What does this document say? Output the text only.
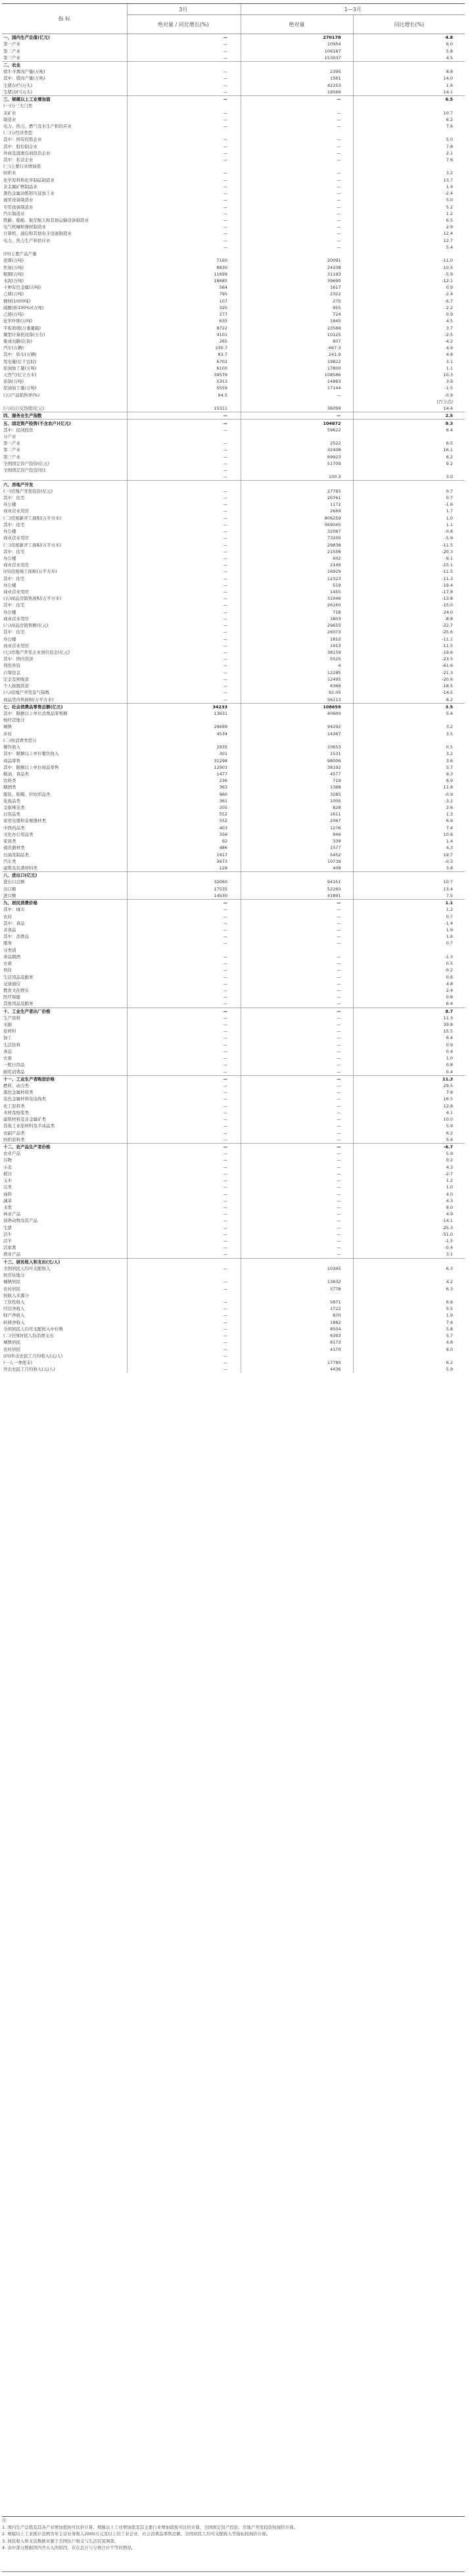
指 标	3月		1—3月	
	绝对量 / 同比增长(%)		绝对量	同比增长(%)
一、国内生产总值(亿元)	—		270178	4.8
第一产业	—		10954	6.0
第二产业	—		106187	5.8
第三产业	—		153037	4.5
二、农业				
猪牛羊禽肉产量(万吨)	—		2395	8.8
其中：猪肉产量(万吨)	—		1561	14.0
生猪存栏(万头)	—		42253	1.6
生猪出栏(万头)	—		19566	14.1
三、规模以上工业增加值	—		—	6.5
(一)分三大门类				
采矿业	—		—	10.7
制造业	—		—	6.2
电力、热力、燃气及水生产和供应业	—		—	7.6
(二)分经济类型				
其中：国有控股企业	—		—	5.0
其中：股份制企业	—		—	7.8
外商及港澳台商投资企业	—		—	2.1
其中：私营企业	—		—	7.6
(三)主要行业增加值				
纺织业	—		—	3.2
化学原料和化学制品制造业	—		—	13.7
非金属矿物制品业	—		—	1.4
黑色金属冶炼和压延加工业	—		—	-2.4
通用设备制造业	—		—	5.0
专用设备制造业	—		—	5.2
汽车制造业	—		—	1.2
铁路、船舶、航空航天和其他运输设备制造业	—		—	6.5
电气机械和器材制造业	—		—	2.9
计算机、通信和其他电子设备制造业	—		—	12.4
电力、热力生产和供应业	—		—	12.7
	—		—	5.4
(四)主要产品产量				
原煤(万吨)	7160		20091	-11.0
焦炭(万吨)	8830		24338	-10.5
粗钢(万吨)	11699		31193	-5.9
水泥(万吨)	18685		39690	-12.1
十种有色金属(万吨)	564		1617	0.9
乙烯(万吨)	795		2322	-2.4
钢材(1000吨)	107		275	-6.7
硫酸(折100%)(万吨)	325		955	-2.2
乙烯(万吨)	277		724	0.9
化学纤维(万吨)	635		1845	4.5
平板玻璃(万重量箱)	8722		23566	3.7
微型计算机设备(万台)	4101		10125	-2.5
集成电路(亿块)	265		807	-4.2
汽车(万辆)	230.7		667.3	4.9
其中：轿车(万辆)	83.7		241.9	4.8
发电量(亿千瓦时)	6702		19822	3.1
原油加工量(万吨)	6100		17800	1.1
天然气(亿立方米)	39579		108586	10.3
原油(万吨)	5313		14863	3.9
原油加工量(万吨)	5559		17144	-1.5
(五)产品销售率(%)	94.5		—	-0.9
				(百分点)
(六)出口交货值(亿元)	15311		36099	14.4
四、服务业生产指数	—		—	2.5
五、固定资产投资(不含农户)(亿元)	—		104872	9.3
其中：民间投资	—		59622	8.4
分产业				
第一产业	—		2522	6.5
第二产业	—		32408	16.1
第三产业	—		69923	6.2
全国固定资产投资(亿元)	—		51709	9.2
全国固定资产投资同比	—			
	—		100.3	3.0
六、房地产开发				
(一)房地产开发投资(亿元)	—		27765	0.7
其中：住宅	—		20761	0.7
办公楼	—		1172	-1.6
商业营业用房	—		2669	1.7
(二)房屋新开工面积(万平方米)	—		806259	1.0
其中：住宅	—		569045	1.1
办公楼	—		32067	-0.8
商业营业用房	—		73200	-5.9
(三)房屋新开工面积(万平方米)	—		29838	-11.5
其中：住宅	—		21558	-20.3
办公楼	—		602	-9.1
商业营业用房	—		2149	-15.1
(四)房屋竣工面积(万平方米)	—		16929	-11.5
其中：住宅	—		12323	-11.3
办公楼	—		519	-19.4
商业营业用房	—		1455	-17.8
(五)商品房销售面积(万平方米)	—		31046	-13.8
其中：住宅	—		26160	-15.0
办公楼	—		718	24.0
商业营业用房	—		1803	-8.8
(六)商品房销售额(亿元)	—		29655	-22.7
其中：住宅	—		26073	-25.6
办公楼	—		1812	-11.1
商业营业用房	—		1913	-11.5
(七)房地产开发企业到位资金(亿元)	—		38159	-19.6
其中：国内贷款	—		5525	-23.5
利用外资	—		4	-61.6
自筹资金	—		12285	-21.3
定金及预收款	—		12495	-20.6
个人按揭贷款	—		6369	-18.5
(八)房地产开发景气指数	—		92.05	-14.5
商品房待售面积(万平方米)	—		56113	8.2
七、社会消费品零售总额(亿元)	34233		108659	3.5
其中：限额以上单位消费品零售额	13631		40600	5.4
按经营地分				
城镇	29699		94292	3.2
乡村	4534		14367	3.5
(二)按消费类型分				
餐饮收入	2935		10653	0.5
其中：限额以上单位餐饮收入	301		1531	3.2
商品零售	31298		98006	3.6
其中：限额以上单位商品零售	12903		38192	5.7
粮油、食品类	1477		4577	9.3
饮料类	236		719	8.9
烟酒类	363		1388	11.8
服装、鞋帽、针纺织品类	960		3285	-0.9
化妆品类	361		1005	-3.2
金银珠宝类	205		828	2.6
日用品类	552		1611	1.3
家用电器和音像器材类	552		2067	6.9
中西药品类	403		1276	7.4
文化办公用品类	356		946	10.6
家具类	92		339	1.4
通讯器材类	486		1577	4.3
石油及制品类	1917		5452	19.7
汽车类	3673		10739	-0.3
建筑及装潢材料类	128		408	3.8
八、进出口(亿元)				
进出口总额	32060		94151	10.7
出口额	17535		52260	13.4
进口额	14530		41891	7.5
九、居民消费价格	—		—	1.1
其中：城市	—		—	1.2
农村	—		—	0.7
其中：食品	—		—	-1.4
非食品	—		—	1.9
其中：消费品	—		—	1.6
服务	—		—	0.7
分类别				
食品烟酒	—		—	-1.3
衣着	—		—	0.5
居住	—		—	-0.2
生活用品及服务	—		—	0.6
交通通信	—		—	4.8
教育文化娱乐	—		—	2.4
医疗保健	—		—	0.8
其他用品及服务	—		—	6.4
十、工业生产者出厂价格	—		—	8.7
生产资料	—		—	11.3
采掘	—		—	39.8
原材料	—		—	15.5
加工	—		—	6.4
生活资料	—		—	0.9
食品	—		—	0.4
衣着	—		—	1.0
一般日用品	—		—	0.8
耐用消费品	—		—	0.4
十一、工业生产者购进价格	—		—	11.3
燃料、动力类	—		—	29.5
黑色金属材料类	—		—	7.8
有色金属材料及电线类	—		—	16.5
化工原料类	—		—	12.8
木材及纸浆类	—		—	4.1
建筑材料及非金属矿类	—		—	10.0
其他工业原材料及半成品类	—		—	5.9
农副产品类	—		—	6.2
纺织原料类	—		—	5.4
十二、农产品生产者价格	—		—	-6.7
农业产品	—		—	5.9
谷物	—		—	0.2
小麦	—		—	4.3
稻谷	—		—	-2.7
玉米	—		—	1.2
豆类	—		—	1.0
油料	—		—	4.0
蔬菜	—		—	4.3
水果	—		—	8.0
林业产品	—		—	4.9
饲养动物及其产品	—		—	-14.1
生猪	—		—	-25.3
活牛	—		—	-51.0
活羊	—		—	-1.5
活家禽	—		—	-0.4
渔业产品	—		—	3.1
十三、居民收入和支出(元/人)				
全国居民人均可支配收入	—		10345	6.3
按常住地分				
城镇居民	—		13832	4.2
农村居民	—		5778	6.3
按收入来源分				
工资性收入	—		5871	6.6
经营净收入	—		1722	5.5
财产净收入	—		870	1.9
转移净收入	—		1882	7.4
全国居民人均可支配收入中位数	—		8504	5.8
(二)全国居民人均消费支出	—		6393	5.7
城镇居民	—		8173	4.8
农村居民	—		4170	8.0
(四)外出农民工月均收入(元/人)	—			
(一人一季度末)	—		17780	6.2
外出农民工月均收入(元/人)	—		4436	5.9
注：
1. 国内生产总值及其各产业增加值按可比价计算，规模以上工业增加值及其主要行业增加值按可比价计算，全国固定资产投资、房地产开发投资按现价计算。
2. 规模以上工业统计范围为年主营业务收入2000万元及以上的工业企业，社会消费品零售总额、全国居民人均可支配收入等指标按现价计算。
3. 居民收入和支出数据来源于全国住户收支与生活状况调查。
4. 表中部分数据因四舍五入的原因，存在总计与分项合计不等的情况。
